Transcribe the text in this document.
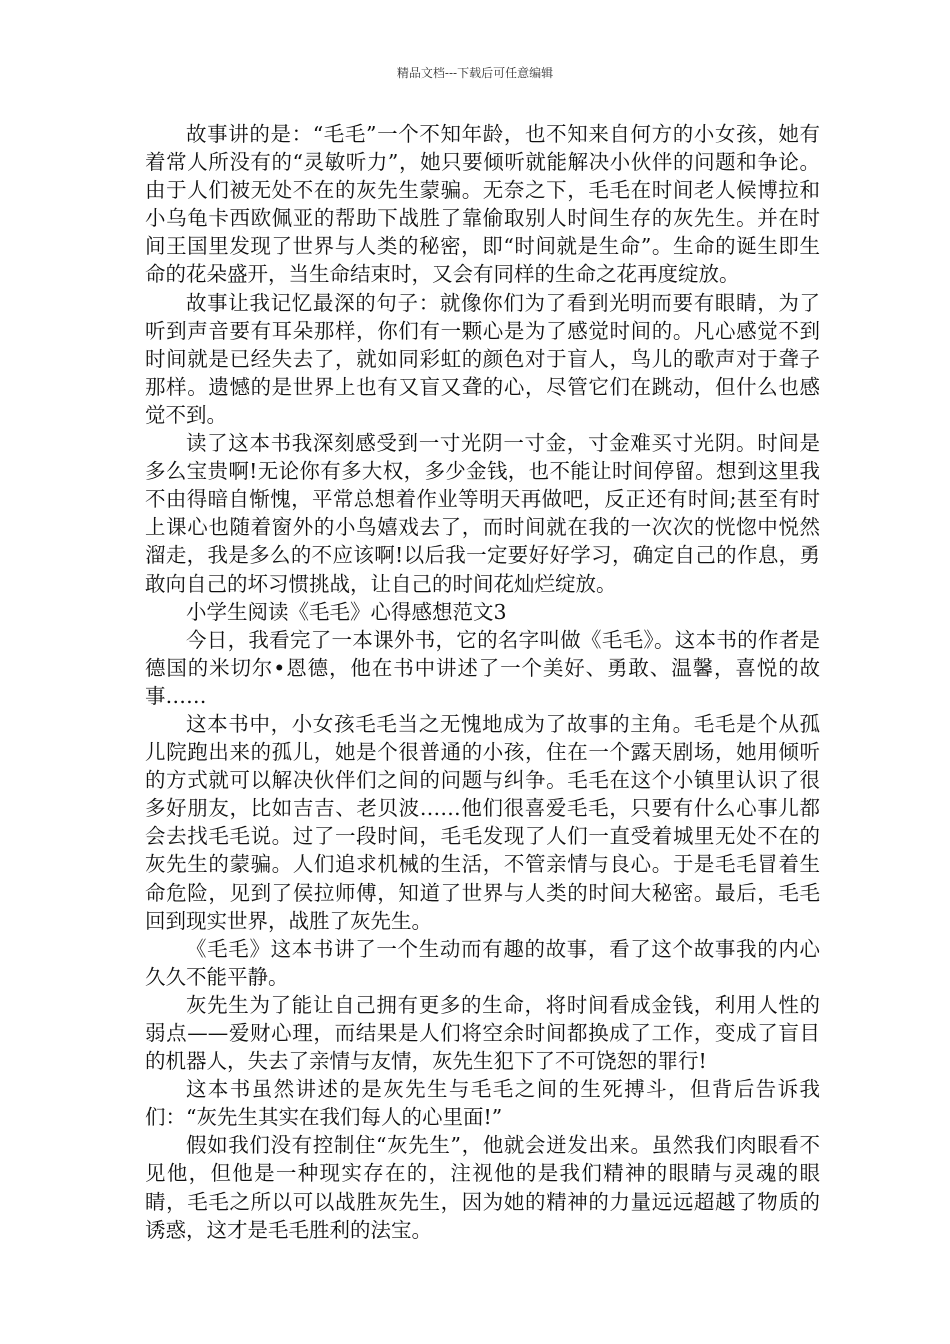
精品文档---下载后可任意编辑

故事讲的是：“毛毛”一个不知年龄，也不知来自何方的小女孩，她有着常人所没有的“灵敏听力”，她只要倾听就能解决小伙伴的问题和争论。由于人们被无处不在的灰先生蒙骗。无奈之下，毛毛在时间老人候博拉和小乌龟卡西欧佩亚的帮助下战胜了靠偷取别人时间生存的灰先生。并在时间王国里发现了世界与人类的秘密，即“时间就是生命”。生命的诞生即生命的花朵盛开，当生命结束时，又会有同样的生命之花再度绽放。

故事让我记忆最深的句子：就像你们为了看到光明而要有眼睛，为了听到声音要有耳朵那样，你们有一颗心是为了感觉时间的。凡心感觉不到时间就是已经失去了，就如同彩虹的颜色对于盲人，鸟儿的歌声对于聋子那样。遗憾的是世界上也有又盲又聋的心，尽管它们在跳动，但什么也感觉不到。

读了这本书我深刻感受到一寸光阴一寸金，寸金难买寸光阴。时间是多么宝贵啊!无论你有多大权，多少金钱，也不能让时间停留。想到这里我不由得暗自惭愧，平常总想着作业等明天再做吧，反正还有时间;甚至有时上课心也随着窗外的小鸟嬉戏去了，而时间就在我的一次次的恍惚中悦然溜走，我是多么的不应该啊!以后我一定要好好学习，确定自己的作息，勇敢向自己的坏习惯挑战，让自己的时间花灿烂绽放。

小学生阅读《毛毛》心得感想范文3

今日，我看完了一本课外书，它的名字叫做《毛毛》。这本书的作者是德国的米切尔•恩德，他在书中讲述了一个美好、勇敢、温馨，喜悦的故事……

这本书中，小女孩毛毛当之无愧地成为了故事的主角。毛毛是个从孤儿院跑出来的孤儿，她是个很普通的小孩，住在一个露天剧场，她用倾听的方式就可以解决伙伴们之间的问题与纠争。毛毛在这个小镇里认识了很多好朋友，比如吉吉、老贝波……他们很喜爱毛毛，只要有什么心事儿都会去找毛毛说。过了一段时间，毛毛发现了人们一直受着城里无处不在的灰先生的蒙骗。人们追求机械的生活，不管亲情与良心。于是毛毛冒着生命危险，见到了侯拉师傅，知道了世界与人类的时间大秘密。最后，毛毛回到现实世界，战胜了灰先生。

《毛毛》这本书讲了一个生动而有趣的故事，看了这个故事我的内心久久不能平静。

灰先生为了能让自己拥有更多的生命，将时间看成金钱，利用人性的弱点——爱财心理，而结果是人们将空余时间都换成了工作，变成了盲目的机器人，失去了亲情与友情，灰先生犯下了不可饶恕的罪行!

这本书虽然讲述的是灰先生与毛毛之间的生死搏斗，但背后告诉我们：“灰先生其实在我们每人的心里面!”

假如我们没有控制住“灰先生”，他就会迸发出来。虽然我们肉眼看不见他，但他是一种现实存在的，注视他的是我们精神的眼睛与灵魂的眼睛，毛毛之所以可以战胜灰先生，因为她的精神的力量远远超越了物质的诱惑，这才是毛毛胜利的法宝。
